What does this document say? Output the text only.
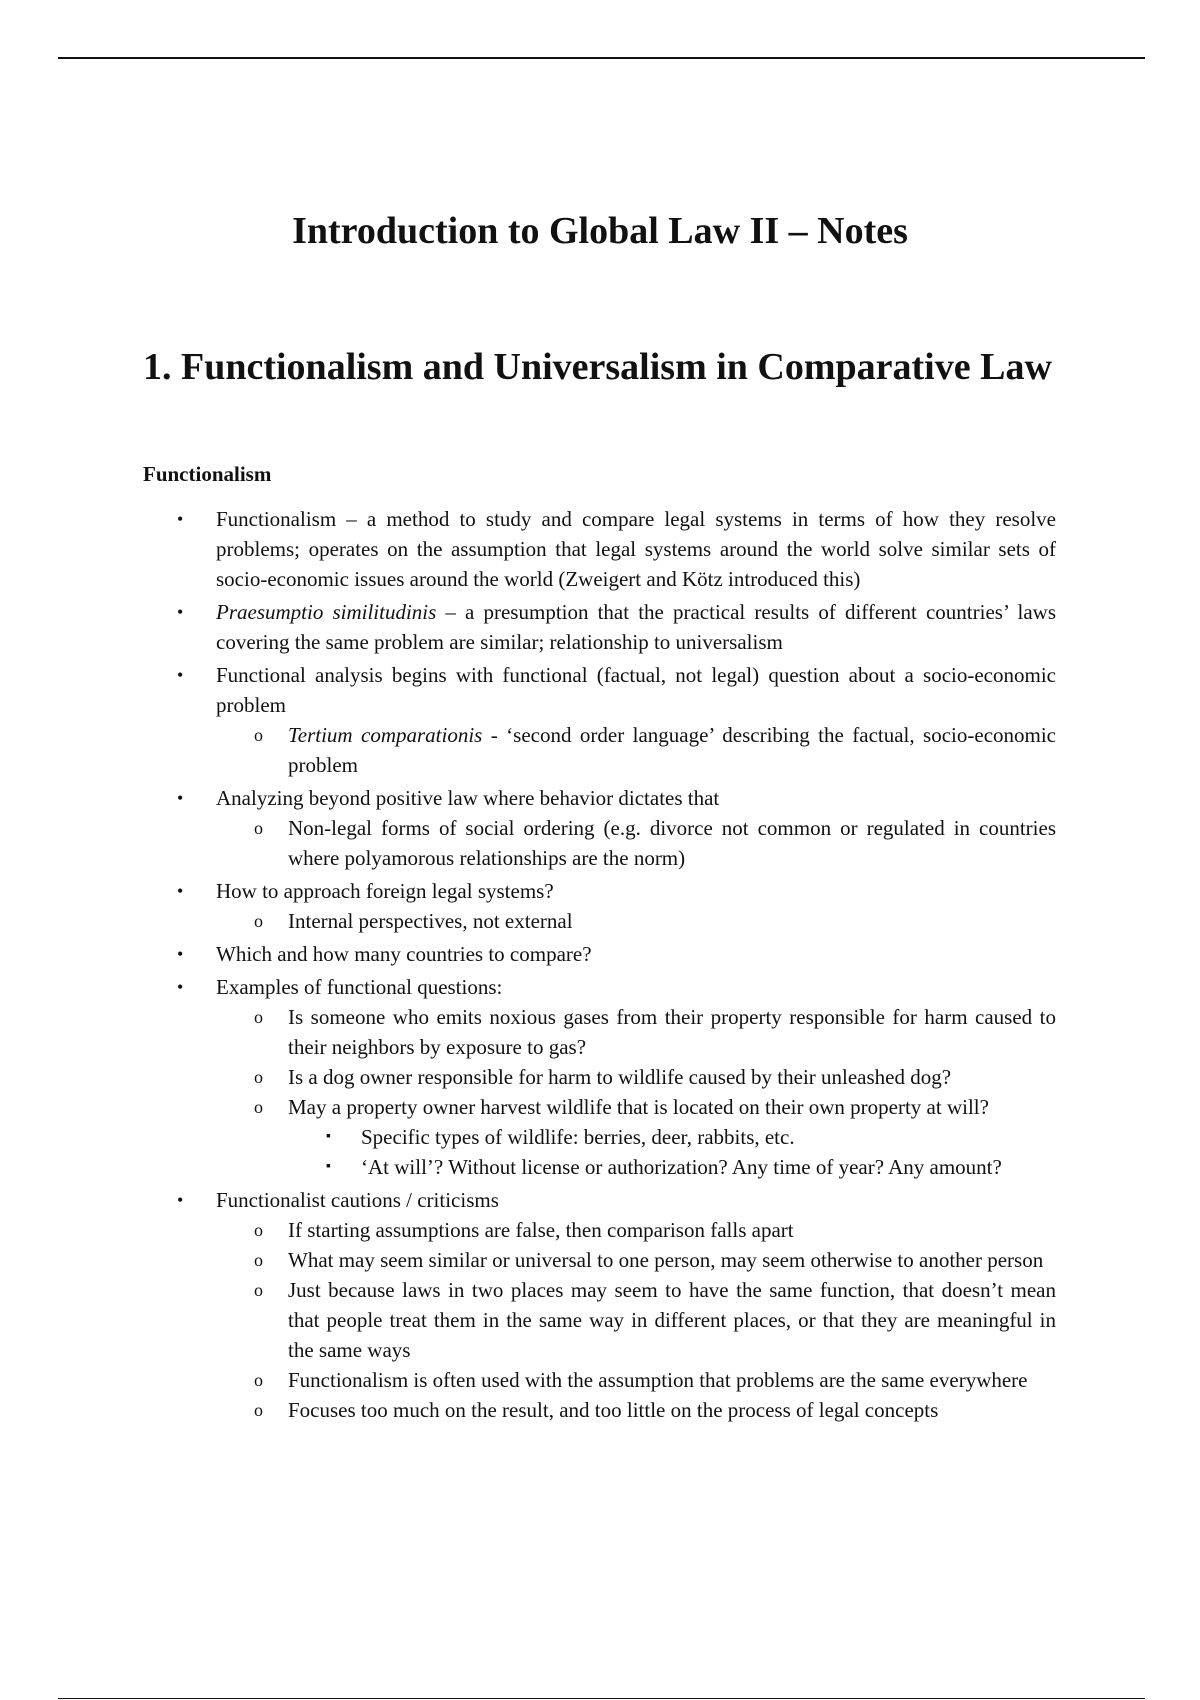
Introduction to Global Law II – Notes
1. Functionalism and Universalism in Comparative Law
Functionalism
• Functionalism – a method to study and compare legal systems in terms of how they resolve problems; operates on the assumption that legal systems around the world solve similar sets of socio-economic issues around the world (Zweigert and Kötz introduced this)
• Praesumptio similitudinis – a presumption that the practical results of different countries’ laws covering the same problem are similar; relationship to universalism
• Functional analysis begins with functional (factual, not legal) question about a socio-economic problem
o Tertium comparationis - ‘second order language’ describing the factual, socio-economic problem
• Analyzing beyond positive law where behavior dictates that
o Non-legal forms of social ordering (e.g. divorce not common or regulated in countries where polyamorous relationships are the norm)
• How to approach foreign legal systems?
o Internal perspectives, not external
• Which and how many countries to compare?
• Examples of functional questions:
o Is someone who emits noxious gases from their property responsible for harm caused to their neighbors by exposure to gas?
o Is a dog owner responsible for harm to wildlife caused by their unleashed dog?
o May a property owner harvest wildlife that is located on their own property at will?
▪ Specific types of wildlife: berries, deer, rabbits, etc.
▪ ‘At will’? Without license or authorization? Any time of year? Any amount?
• Functionalist cautions / criticisms
o If starting assumptions are false, then comparison falls apart
o What may seem similar or universal to one person, may seem otherwise to another person
o Just because laws in two places may seem to have the same function, that doesn’t mean that people treat them in the same way in different places, or that they are meaningful in the same ways
o Functionalism is often used with the assumption that problems are the same everywhere
o Focuses too much on the result, and too little on the process of legal concepts
